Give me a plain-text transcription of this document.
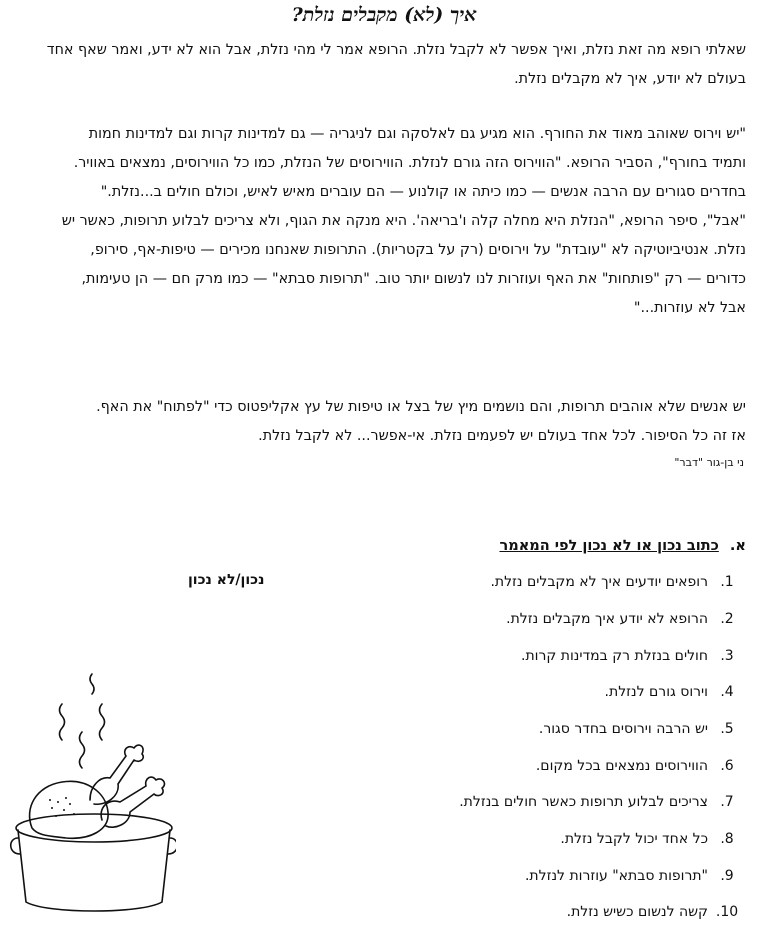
איך (לא) מקבלים נזלת?
שאלתי רופא מה זאת נזלת, ואיך אפשר לא לקבל נזלת. הרופא אמר לי מהי נזלת, אבל הוא לא ידע, ואמר שאף אחד
בעולם לא יודע, איך לא מקבלים נזלת.
"יש וירוס שאוהב מאוד את החורף. הוא מגיע גם לאלסקה וגם לניגריה — גם למדינות קרות וגם למדינות חמות
ותמיד בחורף", הסביר הרופא. "הווירוס הזה גורם לנזלת. הווירוסים של הנזלת, כמו כל הווירוסים, נמצאים באוויר.
בחדרים סגורים עם הרבה אנשים — כמו כיתה או קולנוע — הם עוברים מאיש לאיש, וכולם חולים ב...נזלת."
"אבל", סיפר הרופא, "הנזלת היא מחלה קלה ו'בריאה'. היא מנקה את הגוף, ולא צריכים לבלוע תרופות, כאשר יש
נזלת. אנטיביוטיקה לא "עובדת" על וירוסים (רק על בקטריות). התרופות שאנחנו מכירים — טיפות-אף, סירופ,
כדורים — רק "פותחות" את האף ועוזרות לנו לנשום יותר טוב. "תרופות סבתא" — כמו מרק חם — הן טעימות,
אבל לא עוזרות..."
יש אנשים שלא אוהבים תרופות, והם נושמים מיץ של בצל או טיפות של עץ אקליפטוס כדי "לפתוח" את האף.
אז זה כל הסיפור. לכל אחד בעולם יש לפעמים נזלת. אי-אפשר... לא לקבל נזלת.
ני בן-גור "דבר"
א. כתוב נכון או לא נכון לפי המאמר
נכון/לא נכון	1.
רופאים יודעים איך לא מקבלים נזלת.
2.
הרופא לא יודע איך מקבלים נזלת.
3.
חולים בנזלת רק במדינות קרות.
4.
וירוס גורם לנזלת.
5.
יש הרבה וירוסים בחדר סגור.
6.
הווירוסים נמצאים בכל מקום.
7.
צריכים לבלוע תרופות כאשר חולים בנזלת.
8.
כל אחד יכול לקבל נזלת.
9.
"תרופות סבתא" עוזרות לנזלת.
10.
קשה לנשום כשיש נזלת.
